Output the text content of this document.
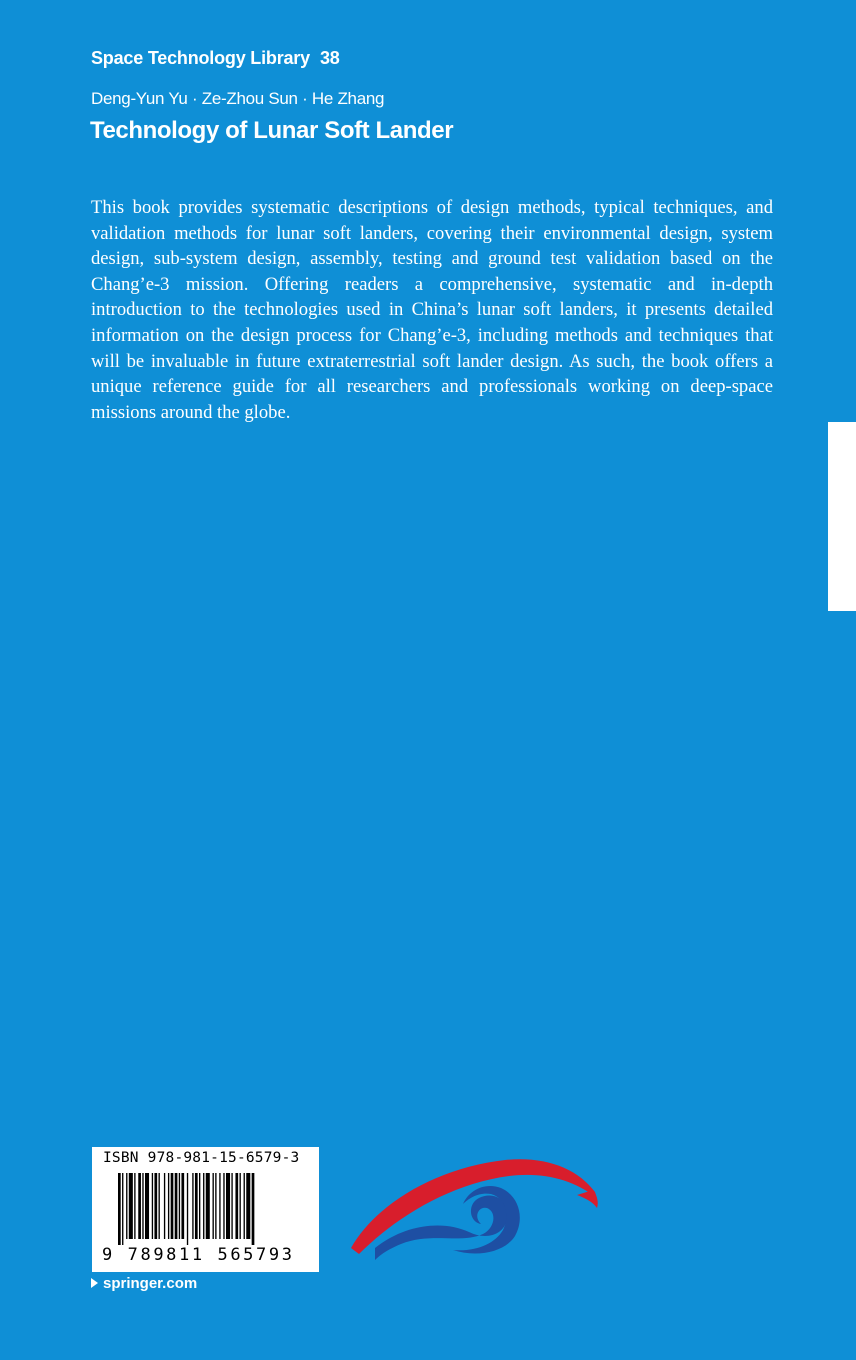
Space Technology Library 38
Deng-Yun Yu · Ze-Zhou Sun · He Zhang
Technology of Lunar Soft Lander

This book provides systematic descriptions of design methods, typical techniques, and validation methods for lunar soft landers, covering their environmental design, system design, sub-system design, assembly, testing and ground test validation based on the Chang’e-3 mission. Offering readers a comprehensive, systematic and in-depth introduction to the technologies used in China’s lunar soft landers, it presents detailed information on the design process for Chang’e-3, including methods and techniques that will be invaluable in future extraterrestrial soft lander design. As such, the book offers a unique reference guide for all researchers and professionals working on deep-space missions around the globe.

ISBN 978-981-15-6579-3
9 789811 565793
springer.com
